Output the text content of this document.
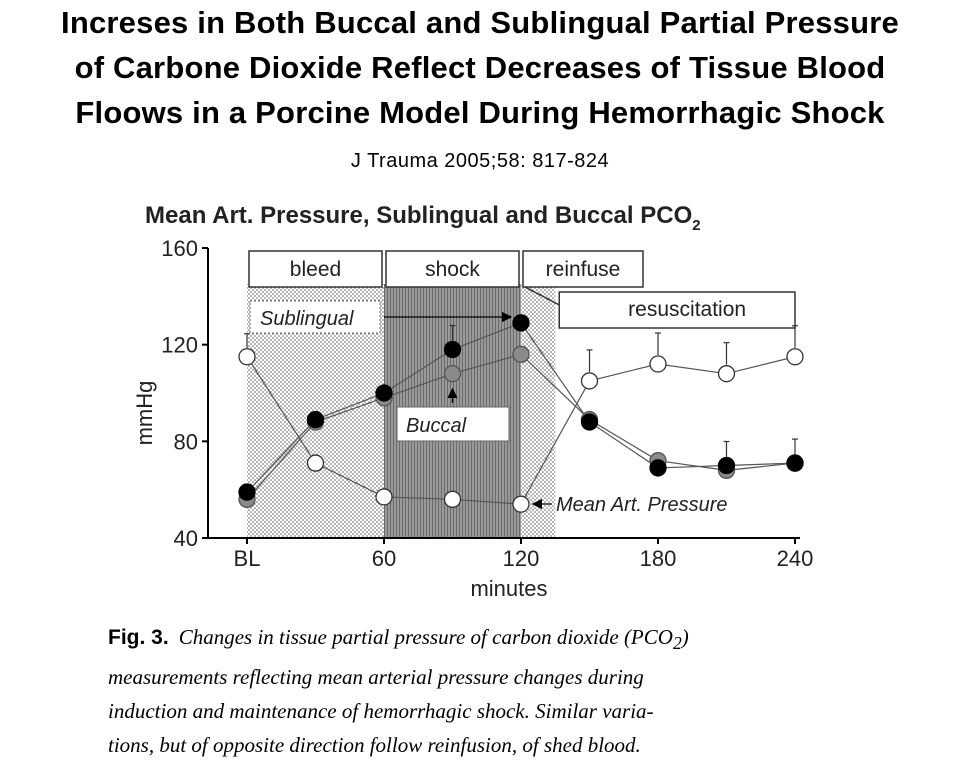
Increses in Both Buccal and Sublingual Partial Pressure
of Carbone Dioxide Reflect Decreases of Tissue Blood
Floows in a Porcine Model During Hemorrhagic Shock
J Trauma 2005;58: 817-824
Mean Art. Pressure, Sublingual and Buccal $PCO_2$
bleed	shock	reinfuse
resuscitation
40
80
120
160
BL	60	120	180	240
minutes
mmHg
Sublingual
Buccal
Mean Art. Pressure
Fig. 3. Changes in tissue partial pressure of carbon dioxide $(PCO_2)$
measurements reflecting mean arterial pressure changes during
induction and maintenance of hemorrhagic shock. Similar varia-
tions, but of opposite direction follow reinfusion, of shed blood.
